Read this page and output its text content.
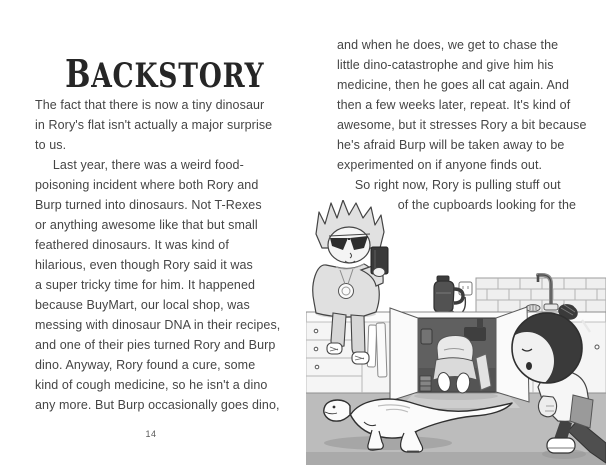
BACKSTORY
The fact that there is now a tiny dinosaur
in Rory's flat isn't actually a major surprise
to us.
Last year, there was a weird food-
poisoning incident where both Rory and
Burp turned into dinosaurs. Not T-Rexes
or anything awesome like that but small
feathered dinosaurs. It was kind of
hilarious, even though Rory said it was
a super tricky time for him. It happened
because BuyMart, our local shop, was
messing with dinosaur DNA in their recipes,
and one of their pies turned Rory and Burp
dino. Anyway, Rory found a cure, some
kind of cough medicine, so he isn't a dino
any more. But Burp occasionally goes dino,
14
and when he does, we get to chase the
little dino-catastrophe and give him his
medicine, then he goes all cat again. And
then a few weeks later, repeat. It's kind of
awesome, but it stresses Rory a bit because
he's afraid Burp will be taken away to be
experimented on if anyone finds out.
So right now, Rory is pulling stuff out
of the cupboards looking for the
